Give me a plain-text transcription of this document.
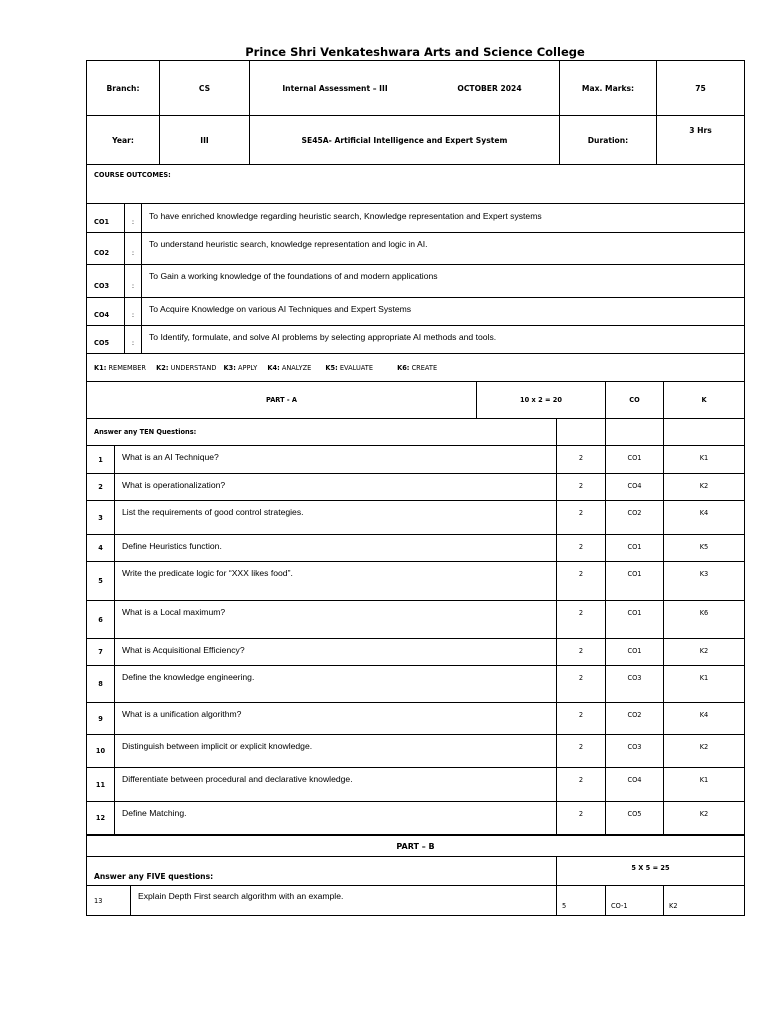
Prince Shri Venkateshwara Arts and Science College
Branch:	CS	Internal Assessment – III OCTOBER 2024	Max. Marks:	75
Year:	III	SE45A- Artificial Intelligence and Expert System	Duration:	3 Hrs
COURSE OUTCOMES:		
CO1	:	To have enriched knowledge regarding heuristic search, Knowledge representation and Expert systems
CO2	:	To understand heuristic search, knowledge representation and logic in AI.
CO3	:	To Gain a working knowledge of the foundations of and modern applications
CO4	:	To Acquire Knowledge on various AI Techniques and Expert Systems
CO5	:	To Identify, formulate, and solve AI problems by selecting appropriate AI methods and tools.
K1: REMEMBER K2: UNDERSTAND K3: APPLY K4: ANALYZE K5: EVALUATE K6: CREATE		
PART - A	10 x 2 = 20	CO	K
Answer any TEN Questions:				
1	What is an AI Technique?	2	CO1	K1
2	What is operationalization?	2	CO4	K2
3	List the requirements of good control strategies.	2	CO2	K4
4	Define Heuristics function.	2	CO1	K5
5	Write the predicate logic for “XXX likes food”.	2	CO1	K3
6	What is a Local maximum?	2	CO1	K6
7	What is Acquisitional Efficiency?	2	CO1	K2
8	Define the knowledge engineering.	2	CO3	K1
9	What is a unification algorithm?	2	CO2	K4
10	Distinguish between implicit or explicit knowledge.	2	CO3	K2
11	Differentiate between procedural and declarative knowledge.	2	CO4	K1
12	Define Matching.	2	CO5	K2
PART – B
Answer any FIVE questions:	5 X 5 = 25
13	Explain Depth First search algorithm with an example.	5	CO-1	K2
